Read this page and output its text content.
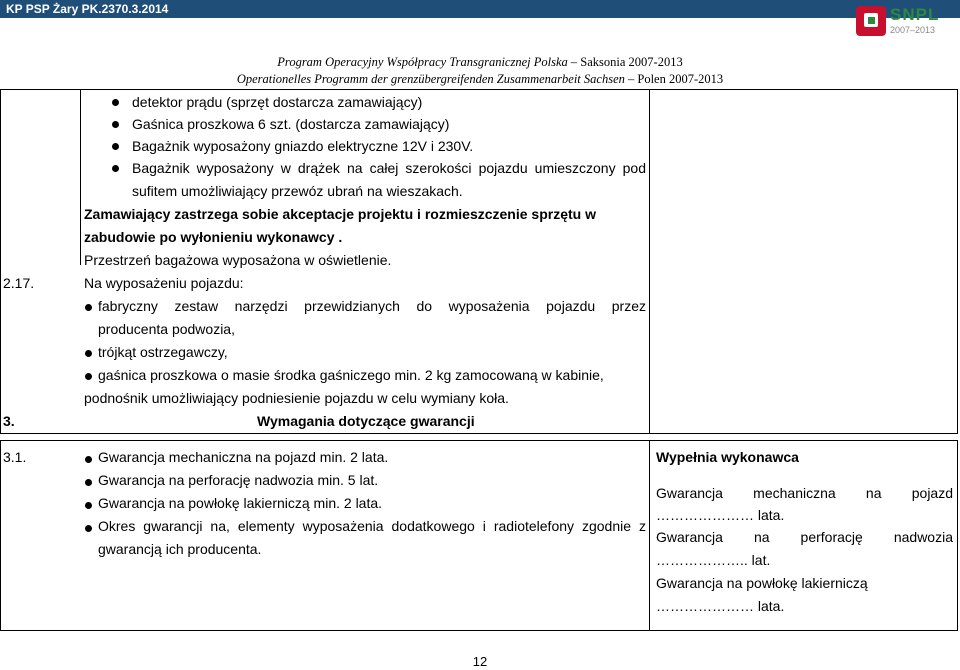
KP PSP Żary PK.2370.3.2014	SNPL
2007–2013
Program Operacyjny Współpracy Transgranicznej Polska – Saksonia 2007-2013
Operationelles Programm der grenzübergreifenden Zusammenarbeit Sachsen – Polen 2007-2013
detektor prądu (sprzęt dostarcza zamawiający)
Gaśnica proszkowa 6 szt. (dostarcza zamawiający)
Bagażnik wyposażony gniazdo elektryczne 12V i 230V.
Bagażnik wyposażony w drążek na całej szerokości pojazdu umieszczony pod
sufitem umożliwiający przewóz ubrań na wieszakach.
Zamawiający zastrzega sobie akceptacje projektu i rozmieszczenie sprzętu w
zabudowie po wyłonieniu wykonawcy .
Przestrzeń bagażowa wyposażona w oświetlenie.
2.17.	Na wyposażeniu pojazdu:
fabryczny zestaw narzędzi przewidzianych do wyposażenia pojazdu przez
producenta podwozia,
trójkąt ostrzegawczy,
gaśnica proszkowa o masie środka gaśniczego min. 2 kg zamocowaną w kabinie,
podnośnik umożliwiający podniesienie pojazdu w celu wymiany koła.
3.	Wymagania dotyczące gwarancji
3.1.	Gwarancja mechaniczna na pojazd min. 2 lata.
Gwarancja na perforację nadwozia min. 5 lat.
Gwarancja na powłokę lakierniczą min. 2 lata.
Okres gwarancji na, elementy wyposażenia dodatkowego i radiotelefony zgodnie z
gwarancją ich producenta.
Wypełnia wykonawca
Gwarancja mechaniczna na pojazd
………………… lata.
Gwarancja na perforację nadwozia
……………….. lat.
Gwarancja na powłokę lakierniczą
………………… lata.
12
